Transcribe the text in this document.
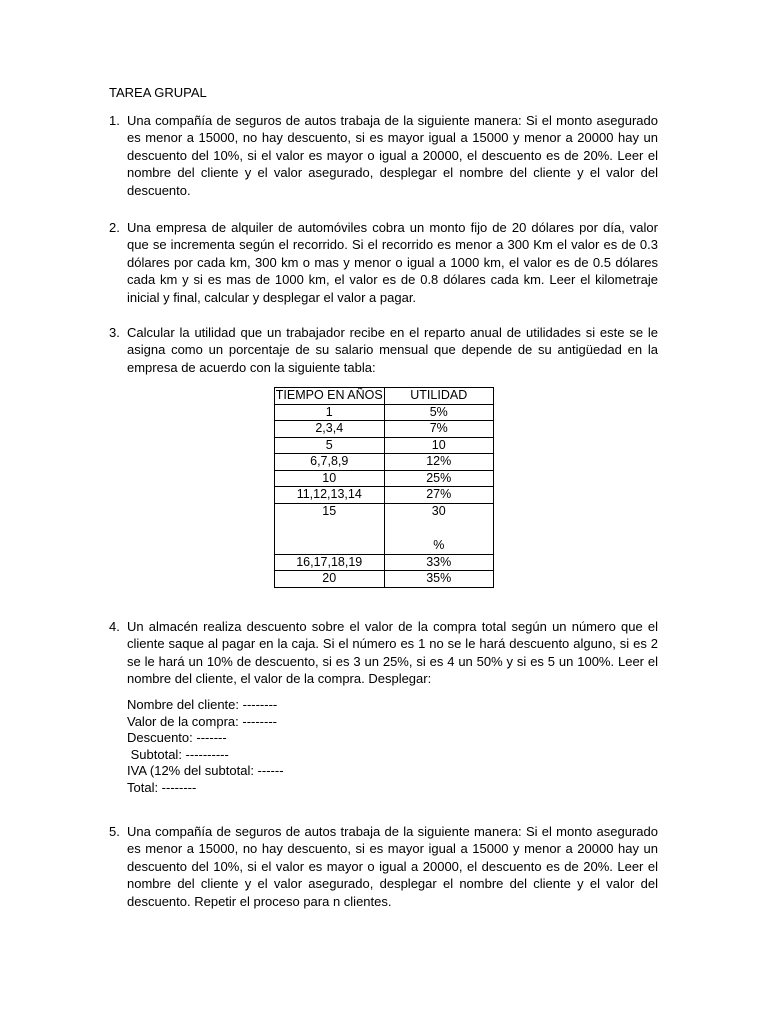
TAREA GRUPAL
1. Una compañía de seguros de autos trabaja de la siguiente manera: Si el monto asegurado es menor a 15000, no hay descuento, si es mayor igual a 15000 y menor a 20000 hay un descuento del 10%, si el valor es mayor o igual a 20000, el descuento es de 20%. Leer el nombre del cliente y el valor asegurado, desplegar el nombre del cliente y el valor del descuento.
2. Una empresa de alquiler de automóviles cobra un monto fijo de 20 dólares por día, valor que se incrementa según el recorrido. Si el recorrido es menor a 300 Km el valor es de 0.3 dólares por cada km, 300 km o mas y menor o igual a 1000 km, el valor es de 0.5 dólares cada km y si es mas de 1000 km, el valor es de 0.8 dólares cada km. Leer el kilometraje inicial y final, calcular y desplegar el valor a pagar.
3. Calcular la utilidad que un trabajador recibe en el reparto anual de utilidades si este se le asigna como un porcentaje de su salario mensual que depende de su antigüedad en la empresa de acuerdo con la siguiente tabla:
TIEMPO EN AÑOS	UTILIDAD
1	5%
2,3,4	7%
5	10
6,7,8,9	12%
10	25%
11,12,13,14	27%
15	30
%

16,17,18,19	33%
20	35%
4. Un almacén realiza descuento sobre el valor de la compra total según un número que el cliente saque al pagar en la caja. Si el número es 1 no se le hará descuento alguno, si es 2 se le hará un 10% de descuento, si es 3 un 25%, si es 4 un 50% y si es 5 un 100%. Leer el nombre del cliente, el valor de la compra. Desplegar:
Nombre del cliente: --------
Valor de la compra: --------
Descuento: -------
Subtotal: ----------
IVA (12% del subtotal: ------
Total: --------
5. Una compañía de seguros de autos trabaja de la siguiente manera: Si el monto asegurado es menor a 15000, no hay descuento, si es mayor igual a 15000 y menor a 20000 hay un descuento del 10%, si el valor es mayor o igual a 20000, el descuento es de 20%. Leer el nombre del cliente y el valor asegurado, desplegar el nombre del cliente y el valor del descuento. Repetir el proceso para n clientes.
